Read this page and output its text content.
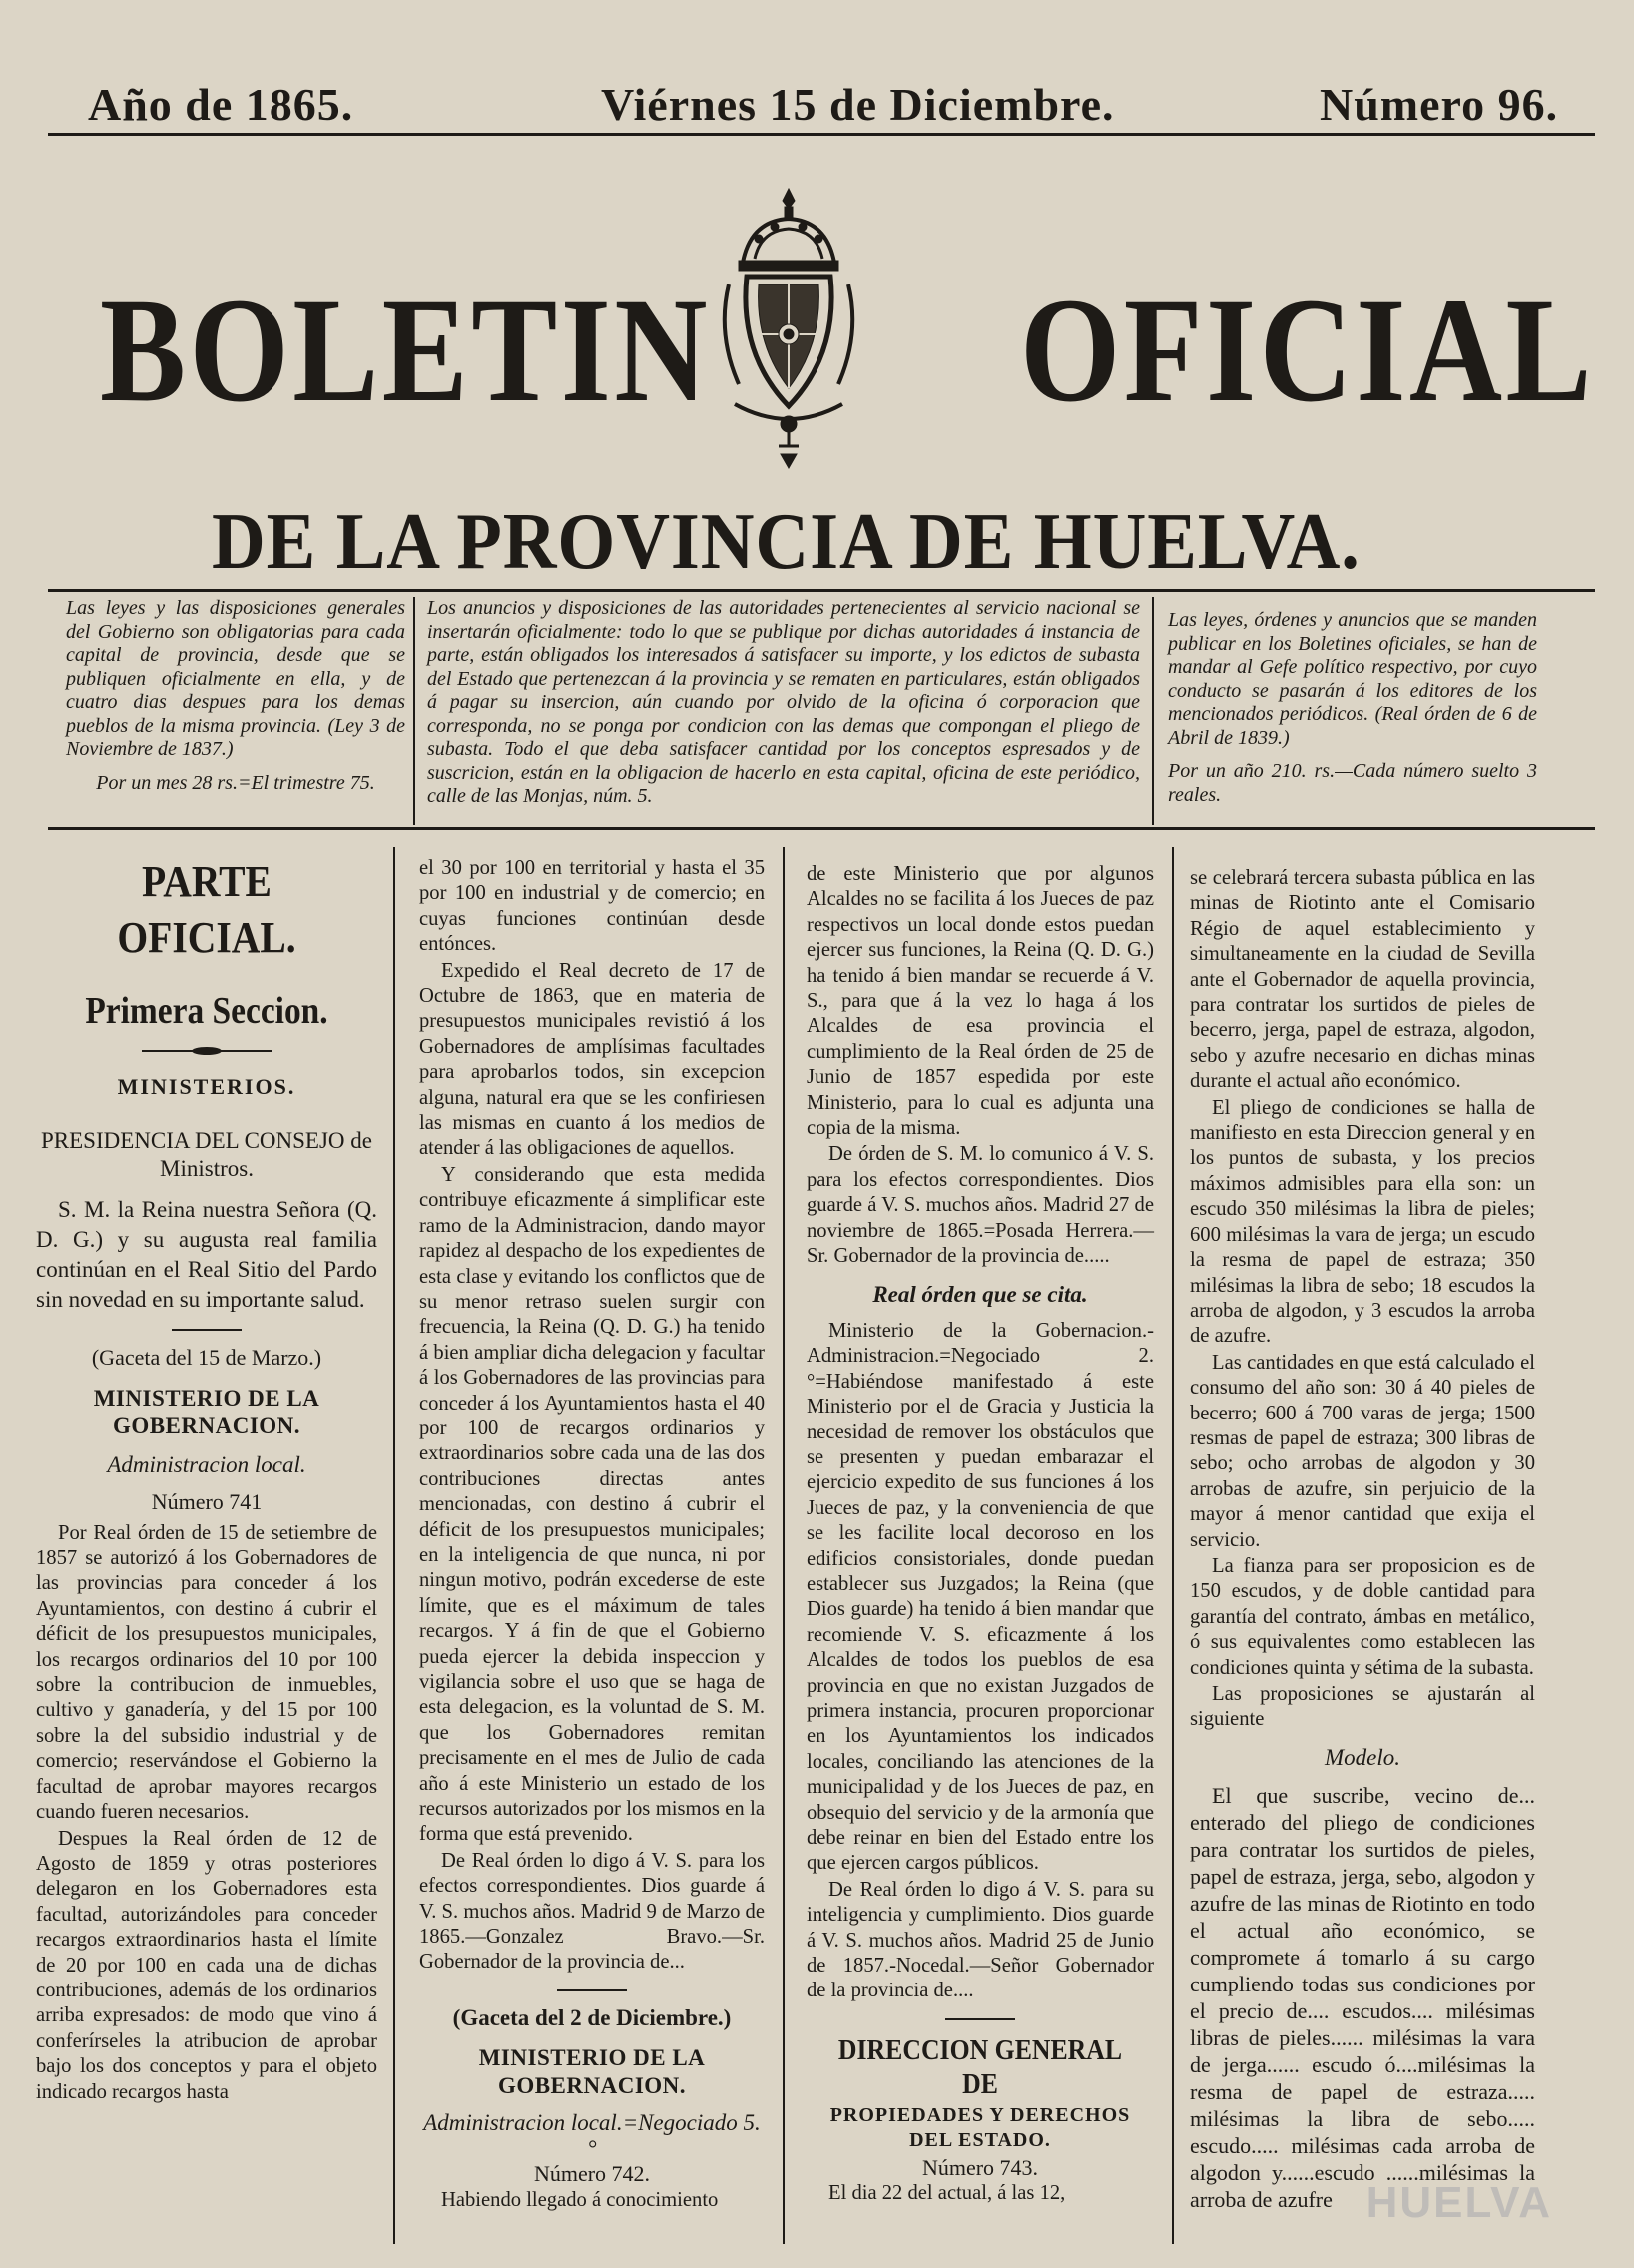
Año de 1865.	Viérnes 15 de Diciembre.	Número 96.
BOLETIN OFICIAL
DE LA PROVINCIA DE HUELVA.

Las leyes y las disposiciones generales del Gobierno son obligatorias para cada capital de provincia, desde que se publiquen oficialmente en ella, y de cuatro dias despues para los demas pueblos de la misma provincia. (Ley 3 de Noviembre de 1837.)

Por un mes 28 rs.=El trimestre 75.

Los anuncios y disposiciones de las autoridades pertenecientes al servicio nacional se insertarán oficialmente: todo lo que se publique por dichas autoridades á instancia de parte, están obligados los interesados á satisfacer su importe, y los edictos de subasta del Estado que pertenezcan á la provincia y se rematen en particulares, están obligados á pagar su insercion, aún cuando por olvido de la oficina ó corporacion que corresponda, no se ponga por condicion con las demas que compongan el pliego de subasta. Todo el que deba satisfacer cantidad por los conceptos espresados y de suscricion, están en la obligacion de hacerlo en esta capital, oficina de este periódico, calle de las Monjas, núm. 5.

Las leyes, órdenes y anuncios que se manden publicar en los Boletines oficiales, se han de mandar al Gefe político respectivo, por cuyo conducto se pasarán á los editores de los mencionados periódicos. (Real órden de 6 de Abril de 1839.)

Por un año 210. rs.—Cada número suelto 3 reales.

PARTE OFICIAL.

Primera Seccion.

MINISTERIOS.

PRESIDENCIA DEL CONSEJO de Ministros.

S. M. la Reina nuestra Señora (Q. D. G.) y su augusta real familia continúan en el Real Sitio del Pardo sin novedad en su importante salud.

(Gaceta del 15 de Marzo.)

MINISTERIO DE LA GOBERNACION.

Administracion local.

Número 741

Por Real órden de 15 de setiembre de 1857 se autorizó á los Gobernadores de las provincias para conceder á los Ayuntamientos, con destino á cubrir el déficit de los presupuestos municipales, los recargos ordinarios del 10 por 100 sobre la contribucion de inmuebles, cultivo y ganadería, y del 15 por 100 sobre la del subsidio industrial y de comercio; reservándose el Gobierno la facultad de aprobar mayores recargos cuando fueren necesarios.

Despues la Real órden de 12 de Agosto de 1859 y otras posteriores delegaron en los Gobernadores esta facultad, autorizándoles para conceder recargos extraordinarios hasta el límite de 20 por 100 en cada una de dichas contribuciones, además de los ordinarios arriba expresados: de modo que vino á conferírseles la atribucion de aprobar bajo los dos conceptos y para el objeto indicado recargos hasta

el 30 por 100 en territorial y hasta el 35 por 100 en industrial y de comercio; en cuyas funciones continúan desde entónces.

Expedido el Real decreto de 17 de Octubre de 1863, que en materia de presupuestos municipales revistió á los Gobernadores de amplísimas facultades para aprobarlos todos, sin excepcion alguna, natural era que se les confiriesen las mismas en cuanto á los medios de atender á las obligaciones de aquellos.

Y considerando que esta medida contribuye eficazmente á simplificar este ramo de la Administracion, dando mayor rapidez al despacho de los expedientes de esta clase y evitando los conflictos que de su menor retraso suelen surgir con frecuencia, la Reina (Q. D. G.) ha tenido á bien ampliar dicha delegacion y facultar á los Gobernadores de las provincias para conceder á los Ayuntamientos hasta el 40 por 100 de recargos ordinarios y extraordinarios sobre cada una de las dos contribuciones directas antes mencionadas, con destino á cubrir el déficit de los presupuestos municipales; en la inteligencia de que nunca, ni por ningun motivo, podrán excederse de este límite, que es el máximum de tales recargos. Y á fin de que el Gobierno pueda ejercer la debida inspeccion y vigilancia sobre el uso que se haga de esta delegacion, es la voluntad de S. M. que los Gobernadores remitan precisamente en el mes de Julio de cada año á este Ministerio un estado de los recursos autorizados por los mismos en la forma que está prevenido.

De Real órden lo digo á V. S. para los efectos correspondientes. Dios guarde á V. S. muchos años. Madrid 9 de Marzo de 1865.—Gonzalez Bravo.—Sr. Gobernador de la provincia de...

(Gaceta del 2 de Diciembre.)

MINISTERIO DE LA GOBERNACION.

Administracion local.=Negociado 5.°

Número 742.

Habiendo llegado á conocimiento

de este Ministerio que por algunos Alcaldes no se facilita á los Jueces de paz respectivos un local donde estos puedan ejercer sus funciones, la Reina (Q. D. G.) ha tenido á bien mandar se recuerde á V. S., para que á la vez lo haga á los Alcaldes de esa provincia el cumplimiento de la Real órden de 25 de Junio de 1857 espedida por este Ministerio, para lo cual es adjunta una copia de la misma.

De órden de S. M. lo comunico á V. S. para los efectos correspondientes. Dios guarde á V. S. muchos años. Madrid 27 de noviembre de 1865.=Posada Herrera.—Sr. Gobernador de la provincia de.....

Real órden que se cita.

Ministerio de la Gobernacion.-Administracion.=Negociado 2.°=Habiéndose manifestado á este Ministerio por el de Gracia y Justicia la necesidad de remover los obstáculos que se presenten y puedan embarazar el ejercicio expedito de sus funciones á los Jueces de paz, y la conveniencia de que se les facilite local decoroso en los edificios consistoriales, donde puedan establecer sus Juzgados; la Reina (que Dios guarde) ha tenido á bien mandar que recomiende V. S. eficazmente á los Alcaldes de todos los pueblos de esa provincia en que no existan Juzgados de primera instancia, procuren proporcionar en los Ayuntamientos los indicados locales, conciliando las atenciones de la municipalidad y de los Jueces de paz, en obsequio del servicio y de la armonía que debe reinar en bien del Estado entre los que ejercen cargos públicos.

De Real órden lo digo á V. S. para su inteligencia y cumplimiento. Dios guarde á V. S. muchos años. Madrid 25 de Junio de 1857.-Nocedal.—Señor Gobernador de la provincia de....

DIRECCION GENERAL DE

PROPIEDADES Y DERECHOS DEL ESTADO.

Número 743.

El dia 22 del actual, á las 12,

se celebrará tercera subasta pública en las minas de Riotinto ante el Comisario Régio de aquel establecimiento y simultaneamente en la ciudad de Sevilla ante el Gobernador de aquella provincia, para contratar los surtidos de pieles de becerro, jerga, papel de estraza, algodon, sebo y azufre necesario en dichas minas durante el actual año económico.

El pliego de condiciones se halla de manifiesto en esta Direccion general y en los puntos de subasta, y los precios máximos admisibles para ella son: un escudo 350 milésimas la libra de pieles; 600 milésimas la vara de jerga; un escudo la resma de papel de estraza; 350 milésimas la libra de sebo; 18 escudos la arroba de algodon, y 3 escudos la arroba de azufre.

Las cantidades en que está calculado el consumo del año son: 30 á 40 pieles de becerro; 600 á 700 varas de jerga; 1500 resmas de papel de estraza; 300 libras de sebo; ocho arrobas de algodon y 30 arrobas de azufre, sin perjuicio de la mayor á menor cantidad que exija el servicio.

La fianza para ser proposicion es de 150 escudos, y de doble cantidad para garantía del contrato, ámbas en metálico, ó sus equivalentes como establecen las condiciones quinta y sétima de la subasta.

Las proposiciones se ajustarán al siguiente

Modelo.

El que suscribe, vecino de... enterado del pliego de condiciones para contratar los surtidos de pieles, papel de estraza, jerga, sebo, algodon y azufre de las minas de Riotinto en todo el actual año económico, se compromete á tomarlo á su cargo cumpliendo todas sus condiciones por el precio de.... escudos.... milésimas libras de pieles...... milésimas la vara de jerga...... escudo ó....milésimas la resma de papel de estraza..... milésimas la libra de sebo..... escudo..... milésimas cada arroba de algodon y......escudo ......milésimas la arroba de azufre HUELVA
